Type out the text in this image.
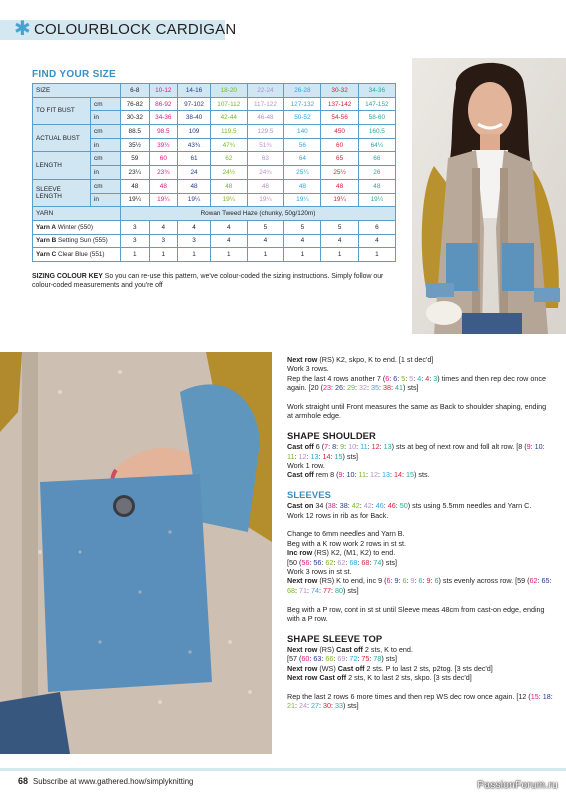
✱ COLOURBLOCK CARDIGAN
FIND YOUR SIZE
SIZE		6-8	10-12	14-16	18-20	22-24	26-28	30-32	34-36
TO FIT BUST	cm	76-82	86-92	97-102	107-112	117-122	127-132	137-142	147-152
	in	30-32	34-36	38-40	42-44	46-48	50-52	54-56	58-60
ACTUAL BUST	cm	88.5	98.5	109	119.5	129.5	140	450	160.5
	in	35½	39½	43¾	47¾	51¾	56	60	64¼
LENGTH	cm	59	60	61	62	63	64	65	66
	in	23¼	23¾	24	24½	24¾	25¼	25½	26
SLEEVE
LENGTH	cm	48	48	48	48	48	48	48	48
	in	19¼	19¼	19¼	19¼	19¼	19¼	19¼	19¼
YARN		Rowan Tweed Haze (chunky, 50g/120m)							
Yarn A Winter (550)		3	4	4	4	5	5	5	6
Yarn B Setting Sun (555)		3	3	3	4	4	4	4	4
Yarn C Clear Blue (551)		1	1	1	1	1	1	1	1
SIZING COLOUR KEY So you can re-use this pattern, we've colour-coded the sizing instructions. Simply follow our colour-coded measurements and you're off

Next row (RS) K2, skpo, K to end. [1 st dec'd]
Work 3 rows.
Rep the last 4 rows another 7 (6: 6: 5: 5: 4: 4: 3) times and then rep dec row once again. [20 (23: 26: 29: 32: 35: 38: 41) sts]

Work straight until Front measures the same as Back to shoulder shaping, ending at armhole edge.

SHAPE SHOULDER

Cast off 6 (7: 8: 9: 10: 11: 12: 13) sts at beg of next row and foll alt row. [8 (9: 10: 11: 12: 13: 14: 15) sts]
Work 1 row.
Cast off rem 8 (9: 10: 11: 12: 13: 14: 15) sts.

SLEEVES

Cast on 34 (38: 38: 42: 42: 46: 46: 50) sts using 5.5mm needles and Yarn C.
Work 12 rows in rib as for Back.

Change to 6mm needles and Yarn B.
Beg with a K row work 2 rows in st st.
Inc row (RS) K2, (M1, K2) to end.
[50 (56: 56: 62: 62: 68: 68: 74) sts]
Work 3 rows in st st.
Next row (RS) K to end, inc 9 (6: 9: 6: 9: 6: 9: 6) sts evenly across row. [59 (62: 65: 68: 71: 74: 77: 80) sts]

Beg with a P row, cont in st st until Sleeve meas 48cm from cast-on edge, ending with a P row.

SHAPE SLEEVE TOP

Next row (RS) Cast off 2 sts, K to end.
[57 (60: 63: 66: 69: 72: 75: 78) sts]
Next row (WS) Cast off 2 sts. P to last 2 sts, p2tog. [3 sts dec'd]
Next row Cast off 2 sts, K to last 2 sts, skpo. [3 sts dec'd]

Rep the last 2 rows 6 more times and then rep WS dec row once again. [12 (15: 18: 21: 24: 27: 30: 33) sts]

68 Subscribe at www.gathered.how/simplyknitting	PassionForum.ru
